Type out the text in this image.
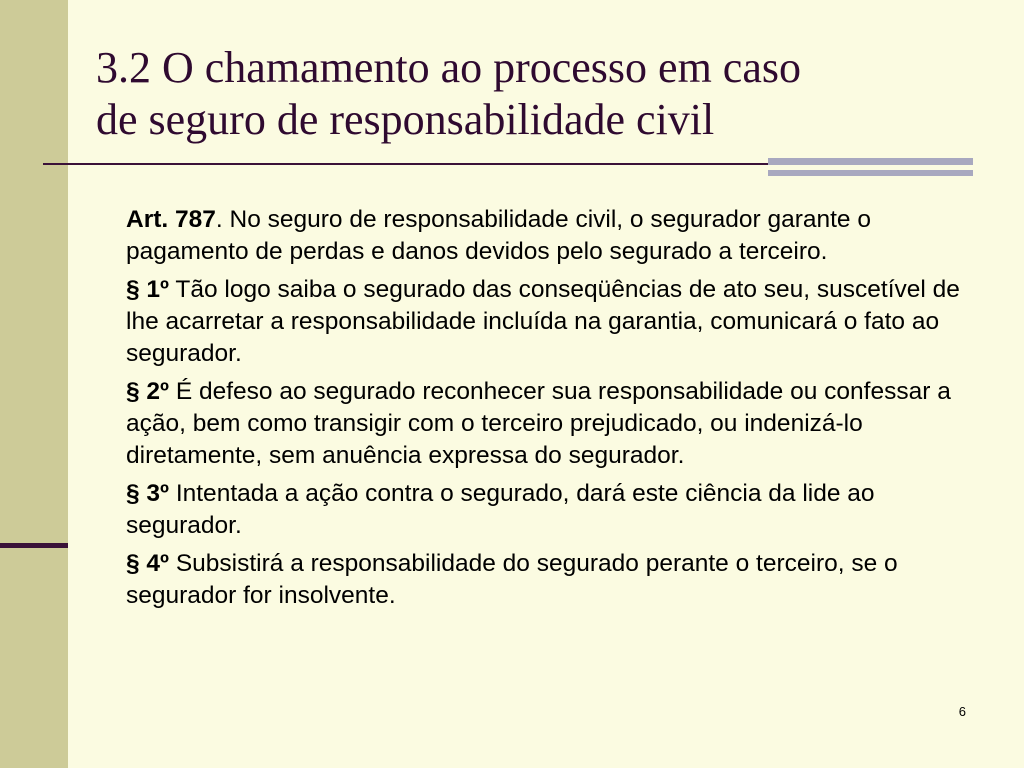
3.2 O chamamento ao processo em caso
de seguro de responsabilidade civil

Art. 787. No seguro de responsabilidade civil, o segurador garante o pagamento de perdas e danos devidos pelo segurado a terceiro.

§ 1º Tão logo saiba o segurado das conseqüências de ato seu, suscetível de lhe acarretar a responsabilidade incluída na garantia, comunicará o fato ao segurador.

§ 2º É defeso ao segurado reconhecer sua responsabilidade ou confessar a ação, bem como transigir com o terceiro prejudicado, ou indenizá-lo diretamente, sem anuência expressa do segurador.

§ 3º Intentada a ação contra o segurado, dará este ciência da lide ao segurador.

§ 4º Subsistirá a responsabilidade do segurado perante o terceiro, se o segurador for insolvente.

6
